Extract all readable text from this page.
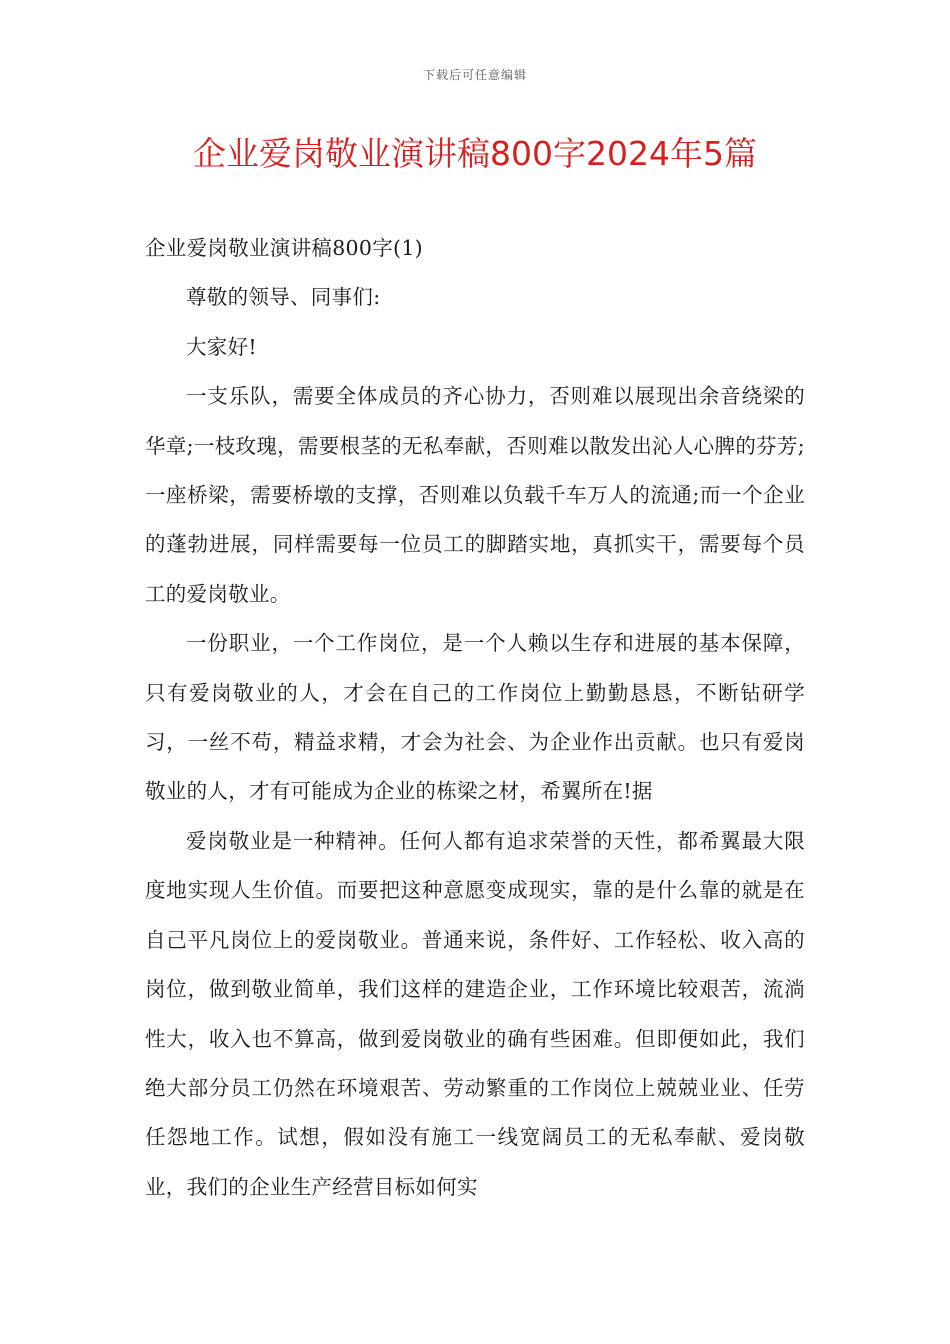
下载后可任意编辑
企业爱岗敬业演讲稿800字2024年5篇

企业爱岗敬业演讲稿800字(1)

尊敬的领导、同事们:

大家好!

一支乐队，需要全体成员的齐心协力，否则难以展现出余音绕梁的华章;一枝玫瑰，需要根茎的无私奉献，否则难以散发出沁人心脾的芬芳;一座桥梁，需要桥墩的支撑，否则难以负载千车万人的流通;而一个企业的蓬勃进展，同样需要每一位员工的脚踏实地，真抓实干，需要每个员工的爱岗敬业。

一份职业，一个工作岗位，是一个人赖以生存和进展的基本保障，只有爱岗敬业的人，才会在自己的工作岗位上勤勤恳恳，不断钻研学习，一丝不苟，精益求精，才会为社会、为企业作出贡献。也只有爱岗敬业的人，才有可能成为企业的栋梁之材，希翼所在!据

爱岗敬业是一种精神。任何人都有追求荣誉的天性，都希翼最大限度地实现人生价值。而要把这种意愿变成现实，靠的是什么靠的就是在自己平凡岗位上的爱岗敬业。普通来说，条件好、工作轻松、收入高的岗位，做到敬业简单，我们这样的建造企业，工作环境比较艰苦，流淌性大，收入也不算高，做到爱岗敬业的确有些困难。但即便如此，我们绝大部分员工仍然在环境艰苦、劳动繁重的工作岗位上兢兢业业、任劳任怨地工作。试想，假如没有施工一线宽阔员工的无私奉献、爱岗敬业，我们的企业生产经营目标如何实
